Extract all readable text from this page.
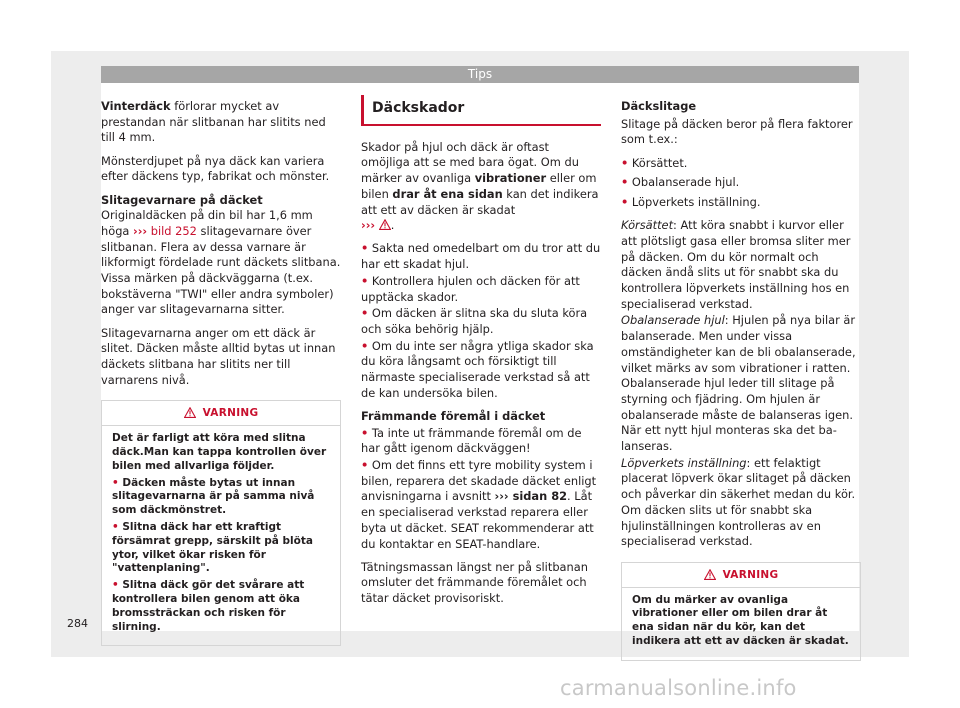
Tips

Vinterdäck förlorar mycket av prestandan när slitbanan har slitits ned till 4 mm.

Mönsterdjupet på nya däck kan variera efter däckens typ, fabrikat och mönster.

Slitagevarnare på däcket

Originaldäcken på din bil har 1,6 mm höga ››› bild 252 slitagevarnare över slitbanan. Flera av dessa varnare är likformigt fördelade runt däckets slitbana. Vissa märken på däckväggarna (t.ex. bokstäverna "TWI" eller andra symboler) anger var slitagevarnarna sitter.

Slitagevarnarna anger om ett däck är slitet. Däcken måste alltid bytas ut innan däckets slitbana har slitits ner till varnarens nivå.

VARNING

Det är farligt att köra med slitna däck.Man kan tappa kontrollen över bilen med allvarliga följder.

• Däcken måste bytas ut innan slitagevarnarna är på samma nivå som däckmönstret.

• Slitna däck har ett kraftigt försämrat grepp, särskilt på blöta ytor, vilket ökar risken för "vattenplaning".

• Slitna däck gör det svårare att kontrollera bilen genom att öka bromssträckan och risken för slirning.

Däckskador

Skador på hjul och däck är oftast omöjliga att se med bara ögat. Om du märker av ovanliga vibrationer eller om bilen drar åt ena sidan kan det indikera att ett av däcken är skadat
››› .

• Sakta ned omedelbart om du tror att du har ett skadat hjul.

• Kontrollera hjulen och däcken för att upptäcka skador.

• Om däcken är slitna ska du sluta köra och söka behörig hjälp.

• Om du inte ser några ytliga skador ska du köra långsamt och försiktigt till närmaste specialiserade verkstad så att de kan undersöka bilen.

Främmande föremål i däcket

• Ta inte ut främmande föremål om de har gått igenom däckväggen!

• Om det finns ett tyre mobility system i bilen, reparera det skadade däcket enligt anvisningarna i avsnitt ››› sidan 82. Låt en specialiserad verkstad reparera eller byta ut däcket. SEAT rekommenderar att du kontaktar en SEAT-handlare.

Tätningsmassan längst ner på slitbanan omsluter det främmande föremålet och tätar däcket provisoriskt.

Däckslitage

Slitage på däcken beror på flera faktorer som t.ex.:

• Körsättet.

• Obalanserade hjul.

• Löpverkets inställning.

Körsättet: Att köra snabbt i kurvor eller att plötsligt gasa eller bromsa sliter mer på däcken. Om du kör normalt och däcken ändå slits ut för snabbt ska du kontrollera löpverkets inställning hos en specialiserad verkstad.

Obalanserade hjul: Hjulen på nya bilar är balanserade. Men under vissa omständigheter kan de bli obalanserade, vilket märks av som vibrationer i ratten. Obalanserade hjul leder till slitage på styrning och fjädring. Om hjulen är obalanserade måste de balanseras igen. När ett nytt hjul monteras ska det balanseras.

Löpverkets inställning: ett felaktigt placerat löpverk ökar slitaget på däcken och påverkar din säkerhet medan du kör. Om däcken slits ut för snabbt ska hjulinställningen kontrolleras av en specialiserad verkstad.

VARNING

Om du märker av ovanliga vibrationer eller om bilen drar åt ena sidan när du kör, kan det indikera att ett av däcken är skadat.

284
carmanualsonline.info
